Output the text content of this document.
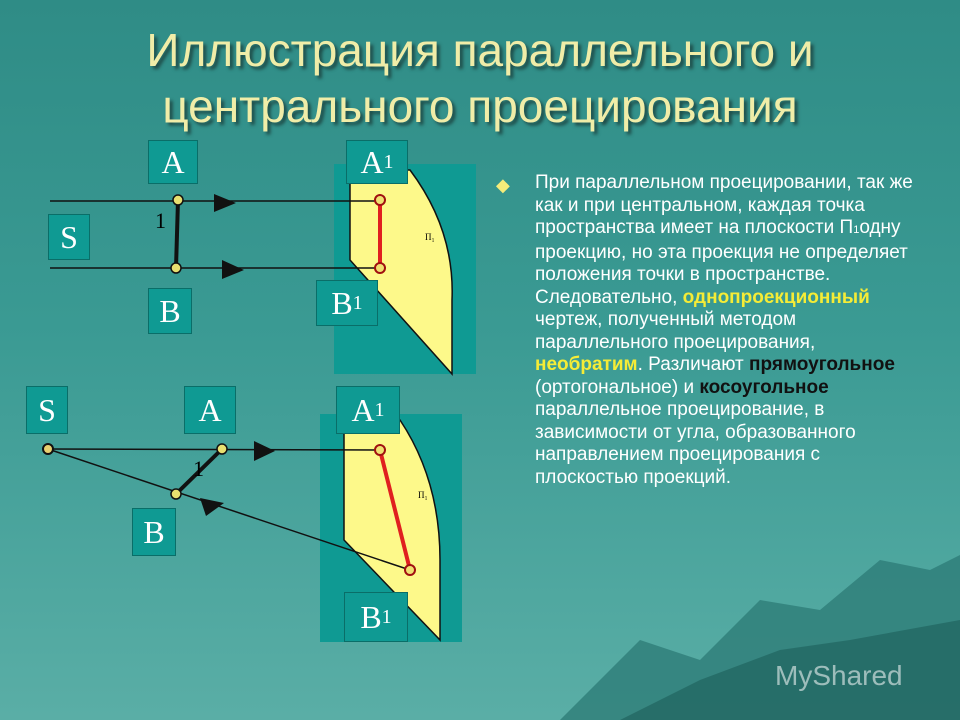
Иллюстрация параллельного и
центрального проецирования
П₁
П₁
A	A 1
S
B	B 1
1
S	A	A 1
B
B 1
1
◆ При параллельном проецировании, так же как и при центральном, каждая точка пространства имеет на плоскости П1одну проекцию, но эта проекция не определяет положения точки в пространстве. Следовательно, однопроекционный чертеж, полученный методом параллельного проецирования, необратим. Различают прямоугольное (ортогональное) и косоугольное параллельное проецирование, в зависимости от угла, образованного направлением проецирования с плоскостью проекций.
MyShared
